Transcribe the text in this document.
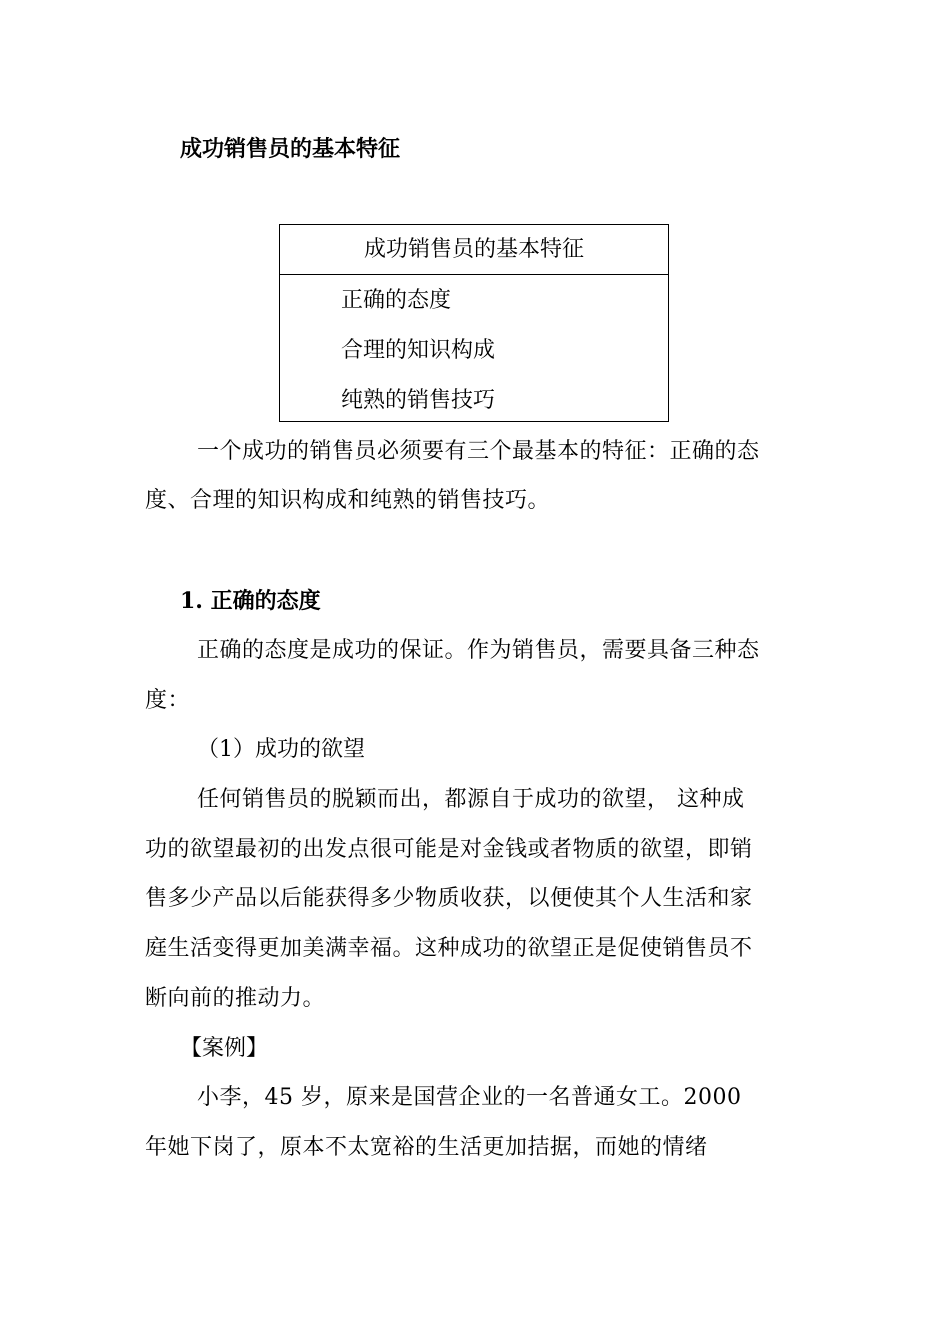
成功销售员的基本特征
成功销售员的基本特征
正确的态度
合理的知识构成
纯熟的销售技巧
一个成功的销售员必须要有三个最基本的特征：正确的态
度、合理的知识构成和纯熟的销售技巧。
1. 正确的态度
正确的态度是成功的保证。作为销售员，需要具备三种态
度：
（1）成功的欲望
任何销售员的脱颖而出，都源自于成功的欲望， 这种成
功的欲望最初的出发点很可能是对金钱或者物质的欲望，即销
售多少产品以后能获得多少物质收获，以便使其个人生活和家
庭生活变得更加美满幸福。这种成功的欲望正是促使销售员不
断向前的推动力。
【案例】
小李，45 岁，原来是国营企业的一名普通女工。2000
年她下岗了，原本不太宽裕的生活更加拮据，而她的情绪
